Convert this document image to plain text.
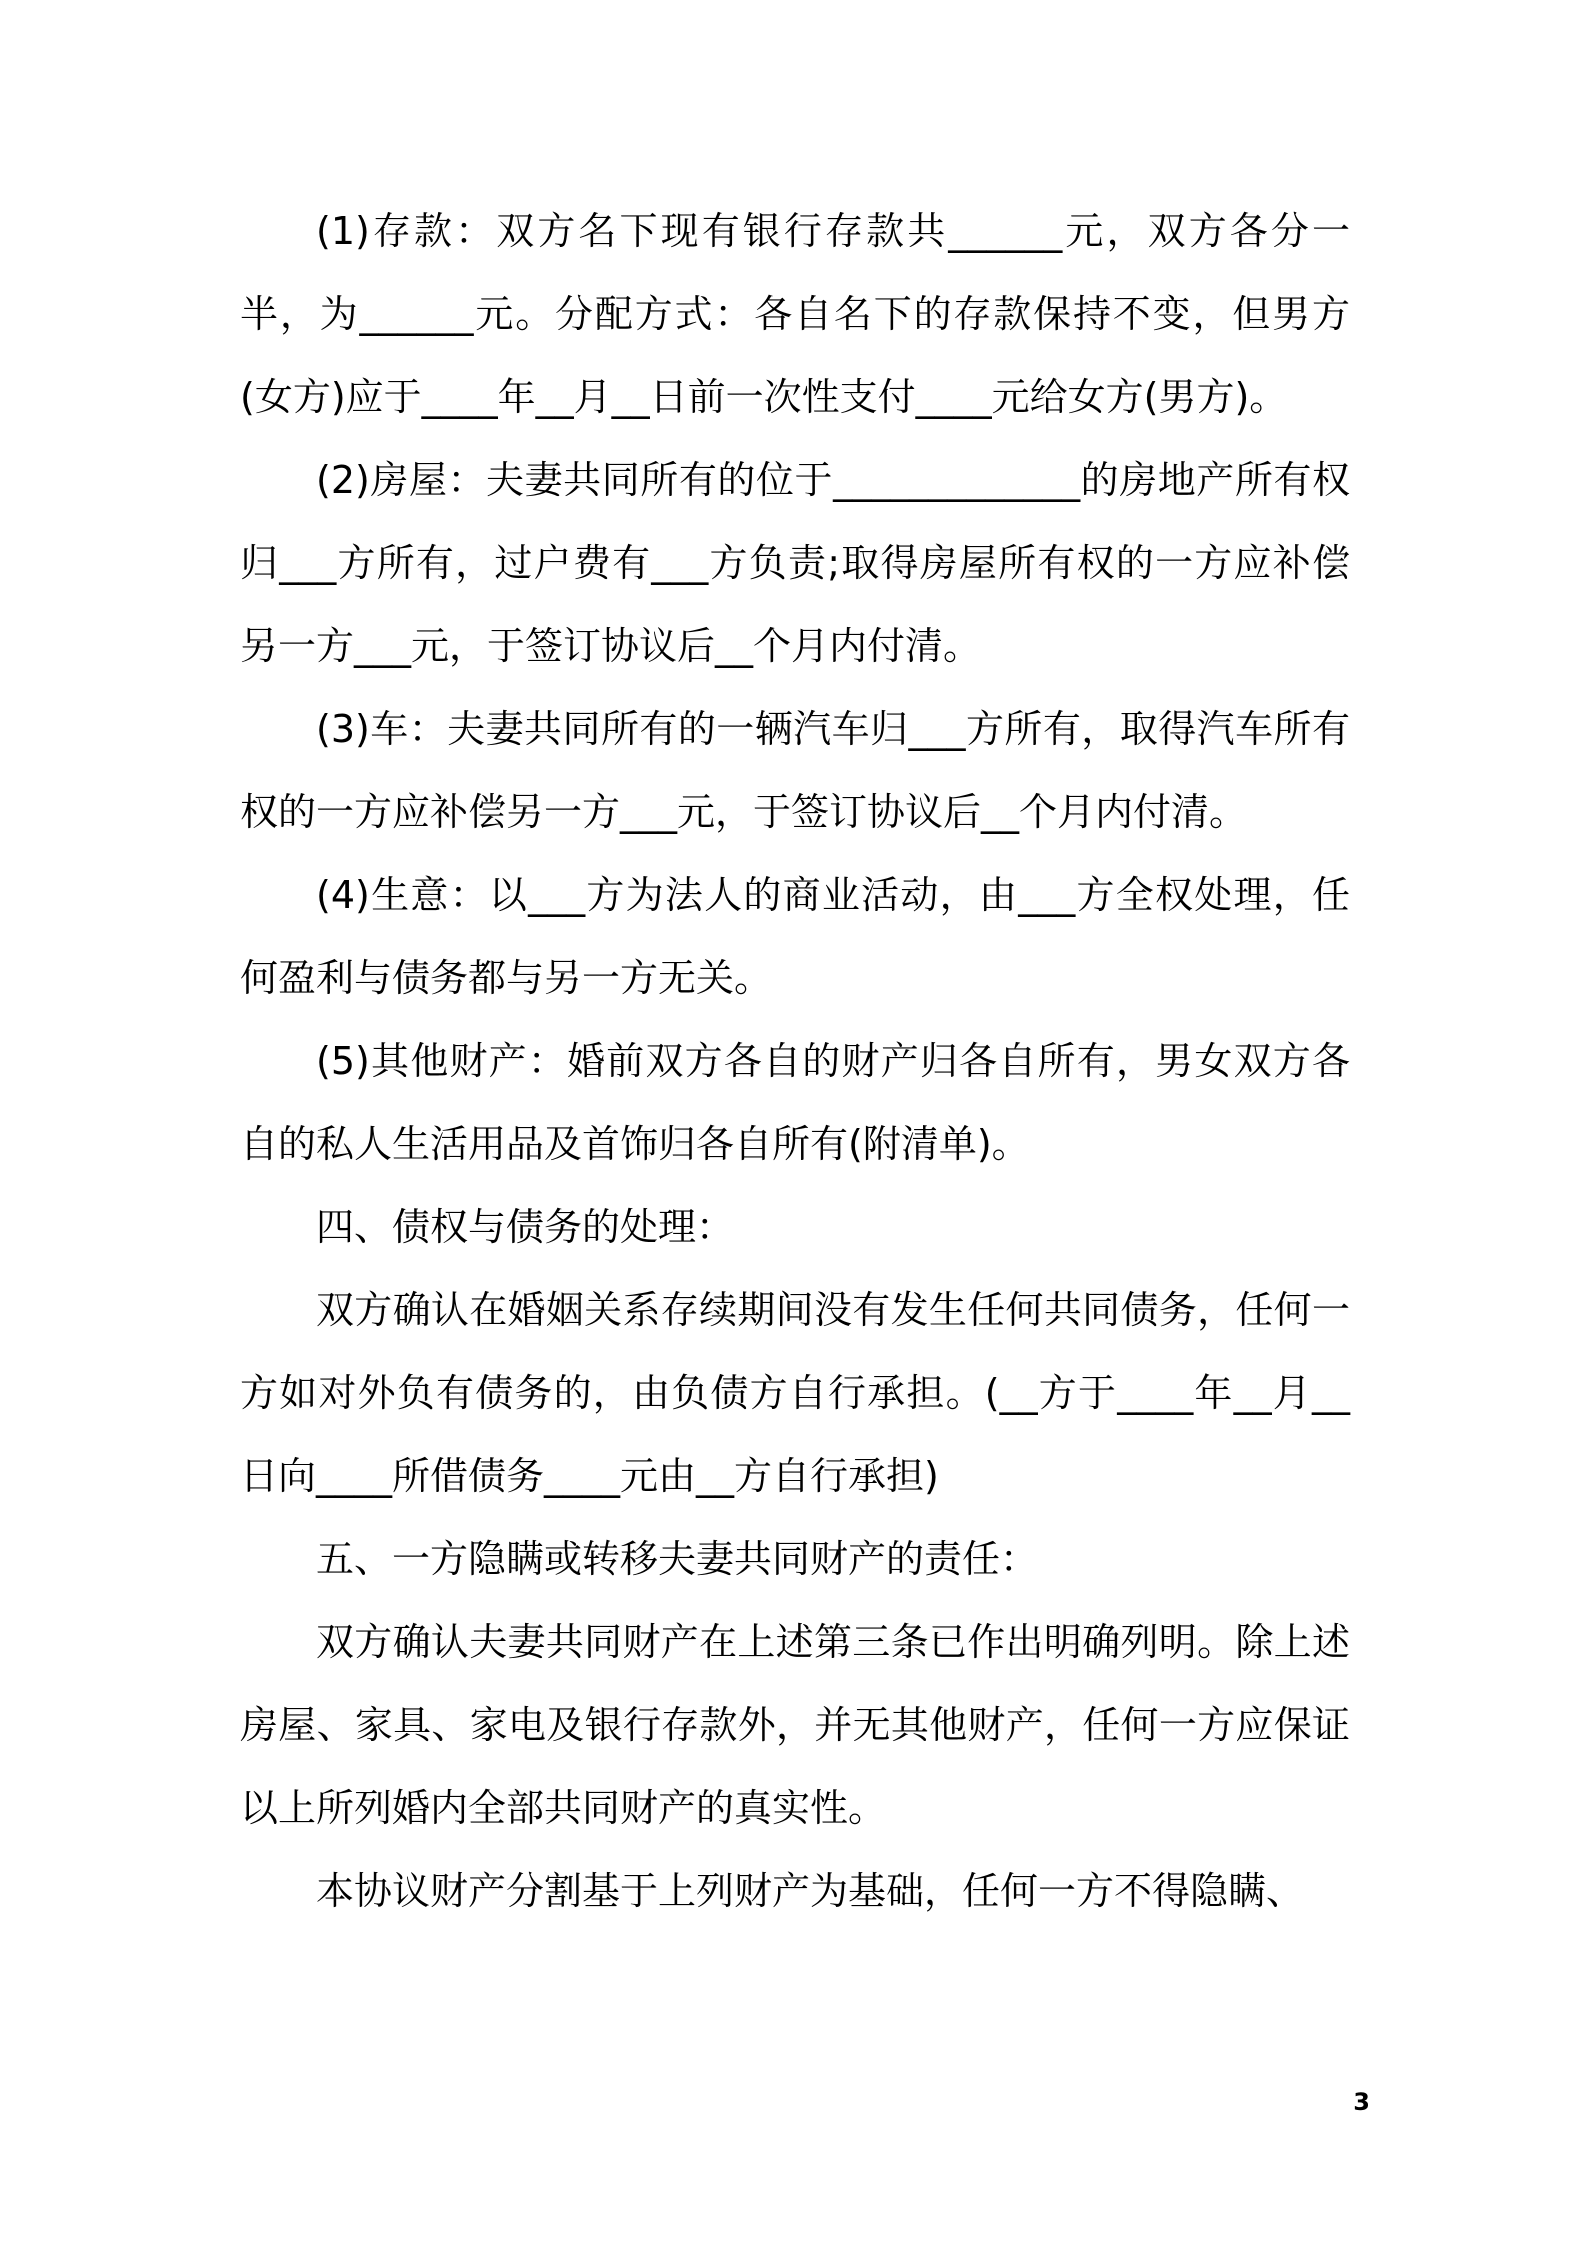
(1)存款：双方名下现有银行存款共______元，双方各分一半，为______元。分配方式：各自名下的存款保持不变，但男方(女方)应于____年__月__日前一次性支付____元给女方(男方)。

(2)房屋：夫妻共同所有的位于_____________的房地产所有权归___方所有，过户费有___方负责;取得房屋所有权的一方应补偿另一方___元，于签订协议后__个月内付清。

(3)车：夫妻共同所有的一辆汽车归___方所有，取得汽车所有权的一方应补偿另一方___元，于签订协议后__个月内付清。

(4)生意：以___方为法人的商业活动，由___方全权处理，任何盈利与债务都与另一方无关。

(5)其他财产：婚前双方各自的财产归各自所有，男女双方各自的私人生活用品及首饰归各自所有(附清单)。

四、债权与债务的处理：

双方确认在婚姻关系存续期间没有发生任何共同债务，任何一方如对外负有债务的，由负债方自行承担。(__方于____年__月__日向____所借债务____元由__方自行承担)

五、一方隐瞒或转移夫妻共同财产的责任：

双方确认夫妻共同财产在上述第三条已作出明确列明。除上述房屋、家具、家电及银行存款外，并无其他财产，任何一方应保证以上所列婚内全部共同财产的真实性。

本协议财产分割基于上列财产为基础，任何一方不得隐瞒、

3
